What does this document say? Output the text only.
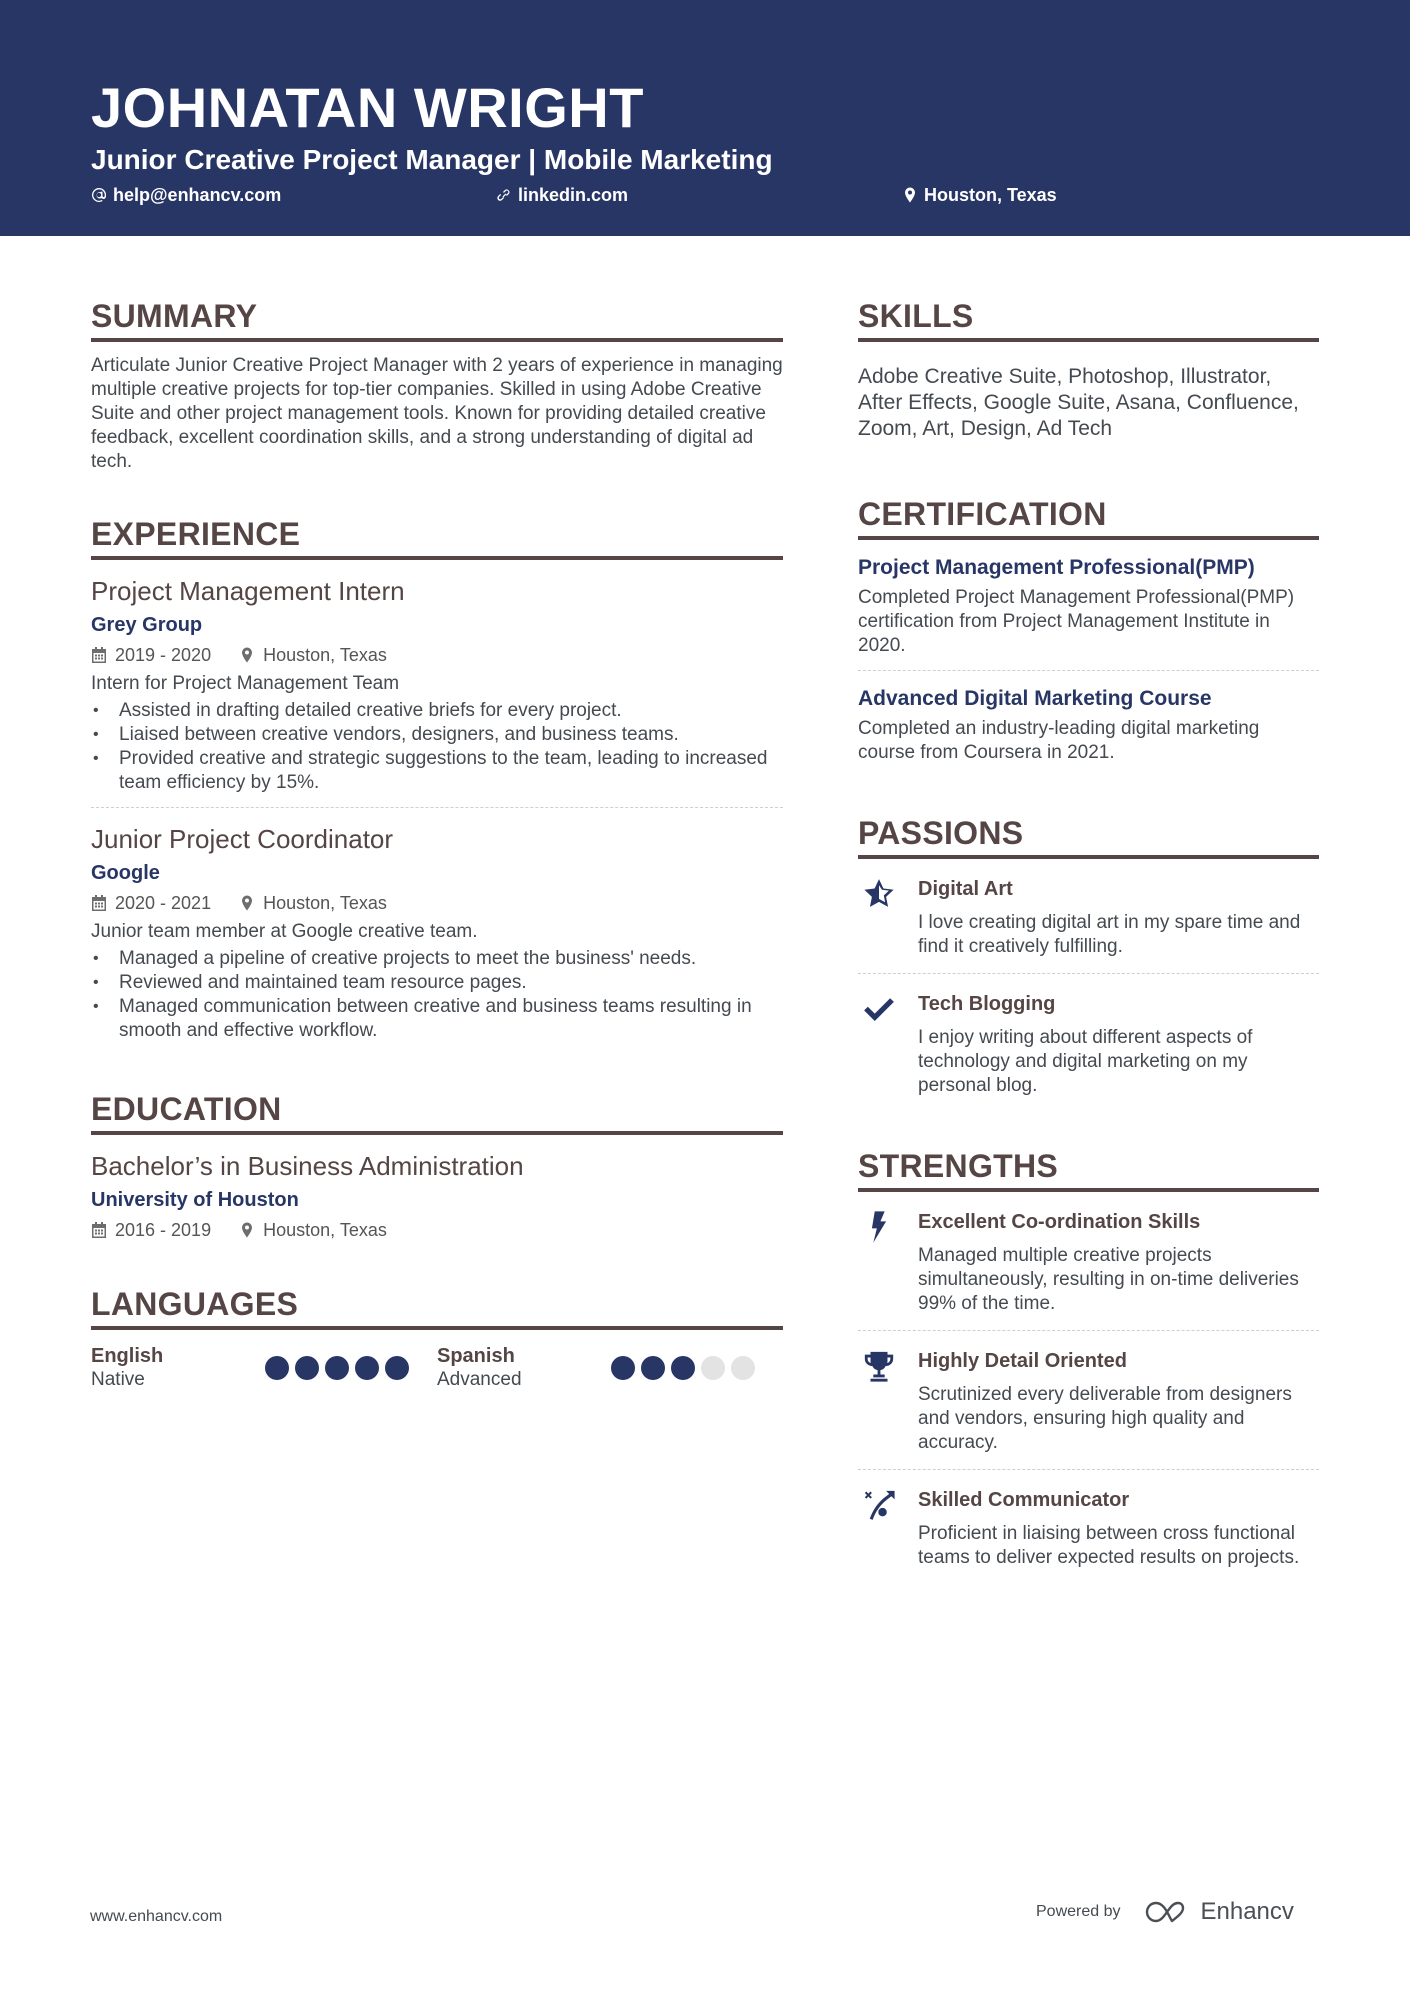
JOHNATAN WRIGHT
Junior Creative Project Manager | Mobile Marketing
help@enhancv.com	linkedin.com	Houston, Texas
SUMMARY

Articulate Junior Creative Project Manager with 2 years of experience in managing multiple creative projects for top-tier companies. Skilled in using Adobe Creative Suite and other project management tools. Known for providing detailed creative feedback, excellent coordination skills, and a strong understanding of digital ad tech.

EXPERIENCE
Project Management Intern
Grey Group
2019 - 2020	Houston, Texas
Intern for Project Management Team
• Assisted in drafting detailed creative briefs for every project.
• Liaised between creative vendors, designers, and business teams.
• Provided creative and strategic suggestions to the team, leading to increased team efficiency by 15%.
Junior Project Coordinator
Google
2020 - 2021	Houston, Texas
Junior team member at Google creative team.
• Managed a pipeline of creative projects to meet the business' needs.
• Reviewed and maintained team resource pages.
• Managed communication between creative and business teams resulting in smooth and effective workflow.
EDUCATION
Bachelor’s in Business Administration
University of Houston
2016 - 2019	Houston, Texas
LANGUAGES
English
Native
Spanish
Advanced
SKILLS

Adobe Creative Suite, Photoshop, Illustrator, After Effects, Google Suite, Asana, Confluence, Zoom, Art, Design, Ad Tech

CERTIFICATION
Project Management Professional(PMP)
Completed Project Management Professional(PMP) certification from Project Management Institute in 2020.
Advanced Digital Marketing Course
Completed an industry-leading digital marketing course from Coursera in 2021.
PASSIONS
Digital Art
I love creating digital art in my spare time and find it creatively fulfilling.
Tech Blogging
I enjoy writing about different aspects of technology and digital marketing on my personal blog.
STRENGTHS
Excellent Co-ordination Skills
Managed multiple creative projects simultaneously, resulting in on-time deliveries 99% of the time.
Highly Detail Oriented
Scrutinized every deliverable from designers and vendors, ensuring high quality and accuracy.
Skilled Communicator
Proficient in liaising between cross functional teams to deliver expected results on projects.
www.enhancv.com	Powered by	Enhancv
